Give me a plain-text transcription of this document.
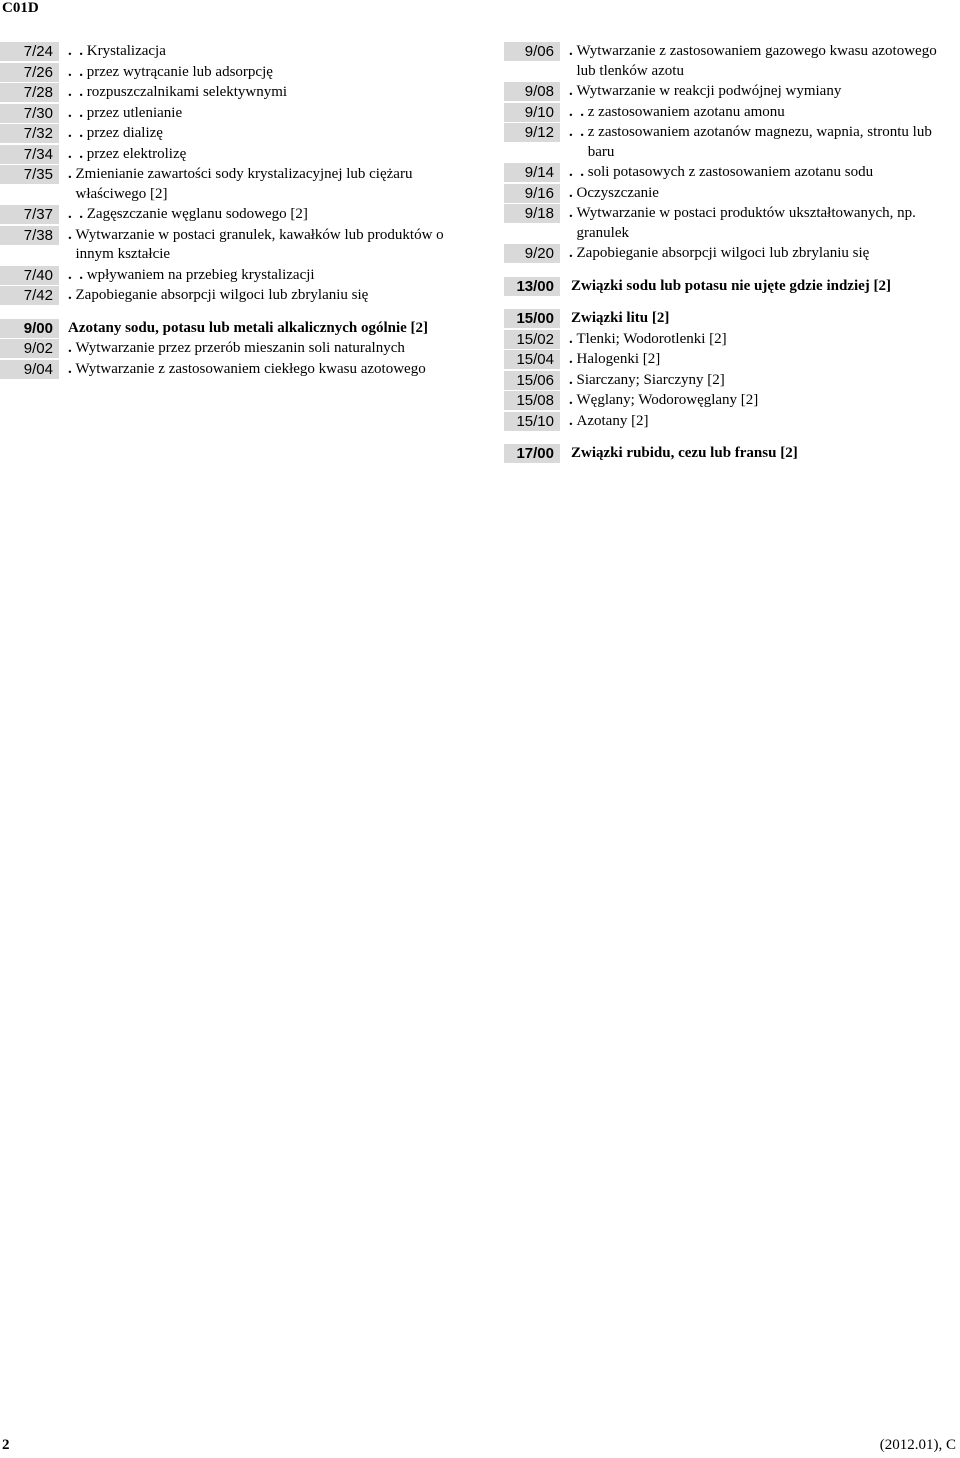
C01D
7/24	.  . Krystalizacja
7/26	.  . przez wytrącanie lub adsorpcję
7/28	.  . rozpuszczalnikami selektywnymi
7/30	.  . przez utlenianie
7/32	.  . przez dializę
7/34	.  . przez elektrolizę
7/35	. Zmienianie zawartości sody krystalizacyjnej lub ciężaru właściwego [2]
7/37	.  . Zagęszczanie węglanu sodowego [2]
7/38	. Wytwarzanie w postaci granulek, kawałków lub produktów o innym kształcie
7/40	.  . wpływaniem na przebieg krystalizacji
7/42	. Zapobieganie absorpcji wilgoci lub zbrylaniu się
9/00	Azotany sodu, potasu lub metali alkalicznych ogólnie [2]
9/02	. Wytwarzanie przez przerób mieszanin soli naturalnych
9/04	. Wytwarzanie z zastosowaniem ciekłego kwasu azotowego
9/06	. Wytwarzanie z zastosowaniem gazowego kwasu azotowego lub tlenków azotu
9/08	. Wytwarzanie w reakcji podwójnej wymiany
9/10	.  . z zastosowaniem azotanu amonu
9/12	.  . z zastosowaniem azotanów magnezu, wapnia, strontu lub baru
9/14	.  . soli potasowych z zastosowaniem azotanu sodu
9/16	. Oczyszczanie
9/18	. Wytwarzanie w postaci produktów ukształtowanych, np. granulek
9/20	. Zapobieganie absorpcji wilgoci lub zbrylaniu się
13/00	Związki sodu lub potasu nie ujęte gdzie indziej [2]
15/00	Związki litu [2]
15/02	. Tlenki; Wodorotlenki [2]
15/04	. Halogenki [2]
15/06	. Siarczany; Siarczyny [2]
15/08	. Węglany; Wodorowęglany [2]
15/10	. Azotany [2]
17/00	Związki rubidu, cezu lub fransu [2]
2	(2012.01), C
